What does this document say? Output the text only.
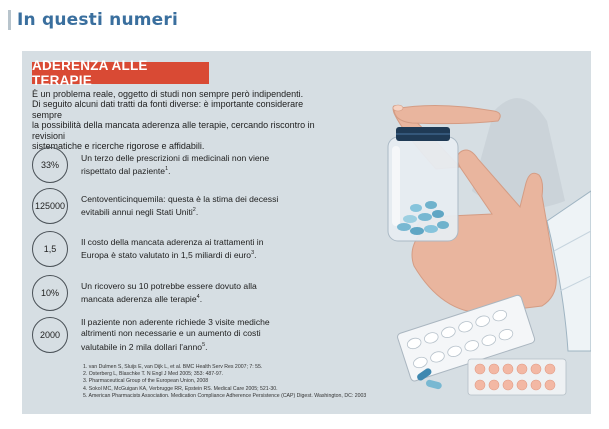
In questi numeri
ADERENZA ALLE TERAPIE

È un problema reale, oggetto di studi non sempre però indipendenti.

Di seguito alcuni dati tratti da fonti diverse: è importante considerare sempre

la possibilità della mancata aderenza alle terapie, cercando riscontro in revisioni

sistematiche e ricerche rigorose e affidabili.

33%
Un terzo delle prescrizioni di medicinali non viene rispettato dal paziente$^1$.
125000
Centoventicinquemila: questa è la stima dei decessi evitabili annui negli Stati Uniti$^2$.
1,5
Il costo della mancata aderenza ai trattamenti in Europa è stato valutato in 1,5 miliardi di euro$^3$.
10%
Un ricovero su 10 potrebbe essere dovuto alla mancata aderenza alle terapie$^4$.
2000
Il paziente non aderente richiede 3 visite mediche altrimenti non necessarie e un aumento di costi valutabile in 2 mila dollari l'anno$^5$.
1. van Dulmen S, Sluijs E, van Dijk L, et al. BMC Health Serv Res 2007; 7: 55.
2. Osterberg L, Blaschke T. N Engl J Med 2005; 353: 487-97.
3. Pharmaceutical Group of the European Union, 2008
4. Sokol MC, McGuigan KA, Verbrugge RR, Epstein RS. Medical Care 2005; 521-30.
5. American Pharmacists Association. Medication Compliance Adherence Persistence (CAP) Digest. Washington, DC: 2003
